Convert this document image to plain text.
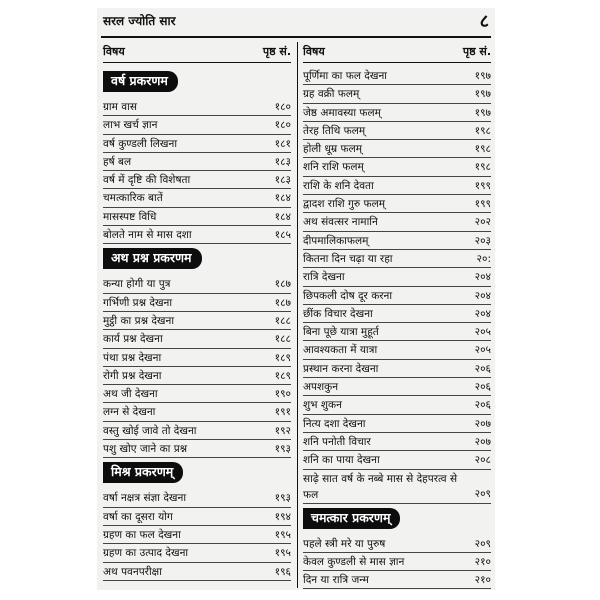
सरल ज्योति सार	८
विषय	पृष्ठ सं.
वर्ष प्रकरणम
ग्राम वास	१८०
लाभ खर्च ज्ञान	१८०
वर्ष कुण्डली लिखना	१८१
हर्ष बल	१८३
वर्ष में दृष्टि की विशेषता	१८३
चमत्कारिक बातें	१८४
मासस्पष्ट विधि	१८४
बोलते नाम से मास दशा	१८५
अथ प्रश्न प्रकरणम
कन्या होगी या पुत्र	१८७
गर्भिणी प्रश्न देखना	१८७
मुट्ठी का प्रश्न देखना	१८८
कार्य प्रश्न देखना	१८८
पंथा प्रश्न देखना	१८९
रोगी प्रश्न देखना	१८९
अथ जी देखना	१९०
लग्न से देखना	१९१
वस्तु खोई जावे तो देखना	१९२
पशु खोए जाने का प्रश्न	१९३
मिश्र प्रकरणम्
वर्षा नक्षत्र संज्ञा देखना	१९३
वर्षा का दूसरा योग	१९४
ग्रहण का फल देखना	१९५
ग्रहण का उत्पाद देखना	१९५
अथ पवनपरीक्षा	१९६
विषय	पृष्ठ सं.
पूर्णिमा का फल देखना	१९७
ग्रह वक्री फलम्	१९७
जेष्ठ अमावस्या फलम्	१९७
तेरह तिथि फलम्	१९८
होली धूम्र फलम्	१९८
शनि राशि फलम्	१९८
राशि के शनि देवता	१९९
द्वादश राशि गुरु फलम्	१९९
अथ संवत्सर नामानि	२०२
दीपमालिकाफलम्	२०३
कितना दिन चढ़ा या रहा	२०:
रात्रि देखना	२०४
छिपकली दोष दूर करना	२०४
छींक विचार देखना	२०४
बिना पूछे यात्रा मुहूर्त	२०५
आवश्यकता में यात्रा	२०५
प्रस्थान करना देखना	२०६
अपशकुन	२०६
शुभ शुकन	२०६
नित्य दशा देखना	२०७
शनि पनोती विचार	२०७
शनि का पाया देखना	२०८
साढ़े सात वर्ष के नब्बे मास से देहपरत्व से फल	२०९
चमत्कार प्रकरणम्
पहले स्त्री मरे या पुरुष	२०९
केवल कुण्डली से मास ज्ञान	२१०
दिन या रात्रि जन्म	२१०
